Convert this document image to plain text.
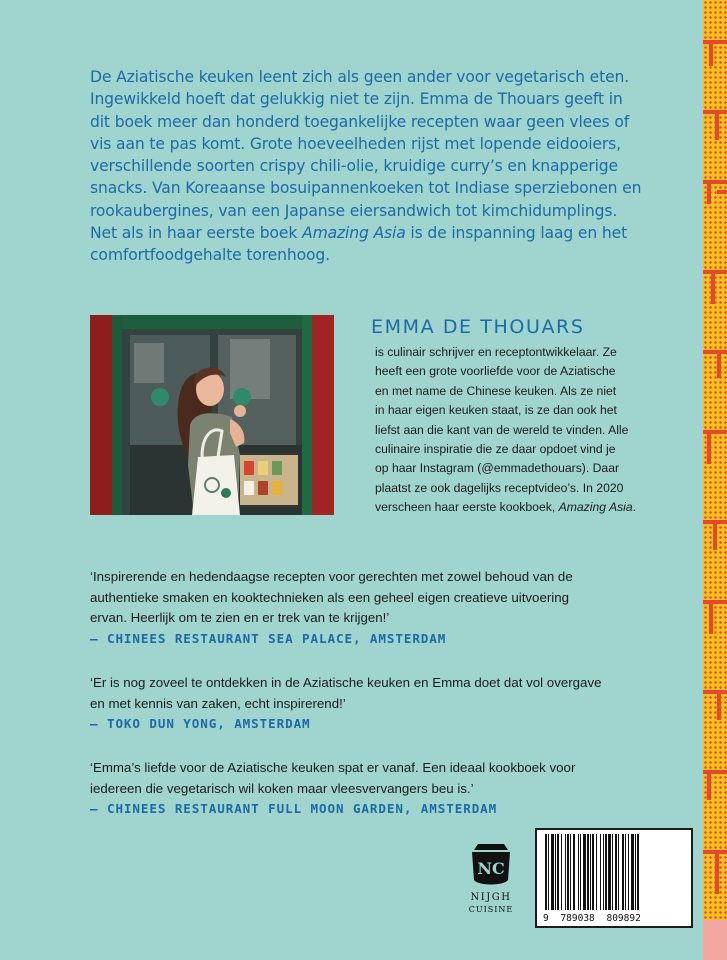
De Aziatische keuken leent zich als geen ander voor vegetarisch eten.
Ingewikkeld hoeft dat gelukkig niet te zijn. Emma de Thouars geeft in
dit boek meer dan honderd toegankelijke recepten waar geen vlees of
vis aan te pas komt. Grote hoeveelheden rijst met lopende eidooiers,
verschillende soorten crispy chili-olie, kruidige curry’s en knapperige
snacks. Van Koreaanse bosuipannenkoeken tot Indiase sperziebonen en
rookaubergines, van een Japanse eiersandwich tot kimchidumplings.
Net als in haar eerste boek Amazing Asia is de inspanning laag en het
comfortfoodgehalte torenhoog.
EMMA DE THOUARS
is culinair schrijver en receptontwikkelaar. Ze
heeft een grote voorliefde voor de Aziatische
en met name de Chinese keuken. Als ze niet
in haar eigen keuken staat, is ze dan ook het
liefst aan die kant van de wereld te vinden. Alle
culinaire inspiratie die ze daar opdoet vind je
op haar Instagram (@emmadethouars). Daar
plaatst ze ook dagelijks receptvideo’s. In 2020
verscheen haar eerste kookboek, Amazing Asia.
‘Inspirerende en hedendaagse recepten voor gerechten met zowel behoud van de
authentieke smaken en kooktechnieken als een geheel eigen creatieve uitvoering
ervan. Heerlijk om te zien en er trek van te krijgen!’
– CHINEES RESTAURANT SEA PALACE, AMSTERDAM
‘Er is nog zoveel te ontdekken in de Aziatische keuken en Emma doet dat vol overgave
en met kennis van zaken, echt inspirerend!’
– TOKO DUN YONG, AMSTERDAM
‘Emma’s liefde voor de Aziatische keuken spat er vanaf. Een ideaal kookboek voor
iedereen die vegetarisch wil koken maar vleesvervangers beu is.’
– CHINEES RESTAURANT FULL MOON GARDEN, AMSTERDAM
NC
NIJGH
CUISINE
9 789038 809892
